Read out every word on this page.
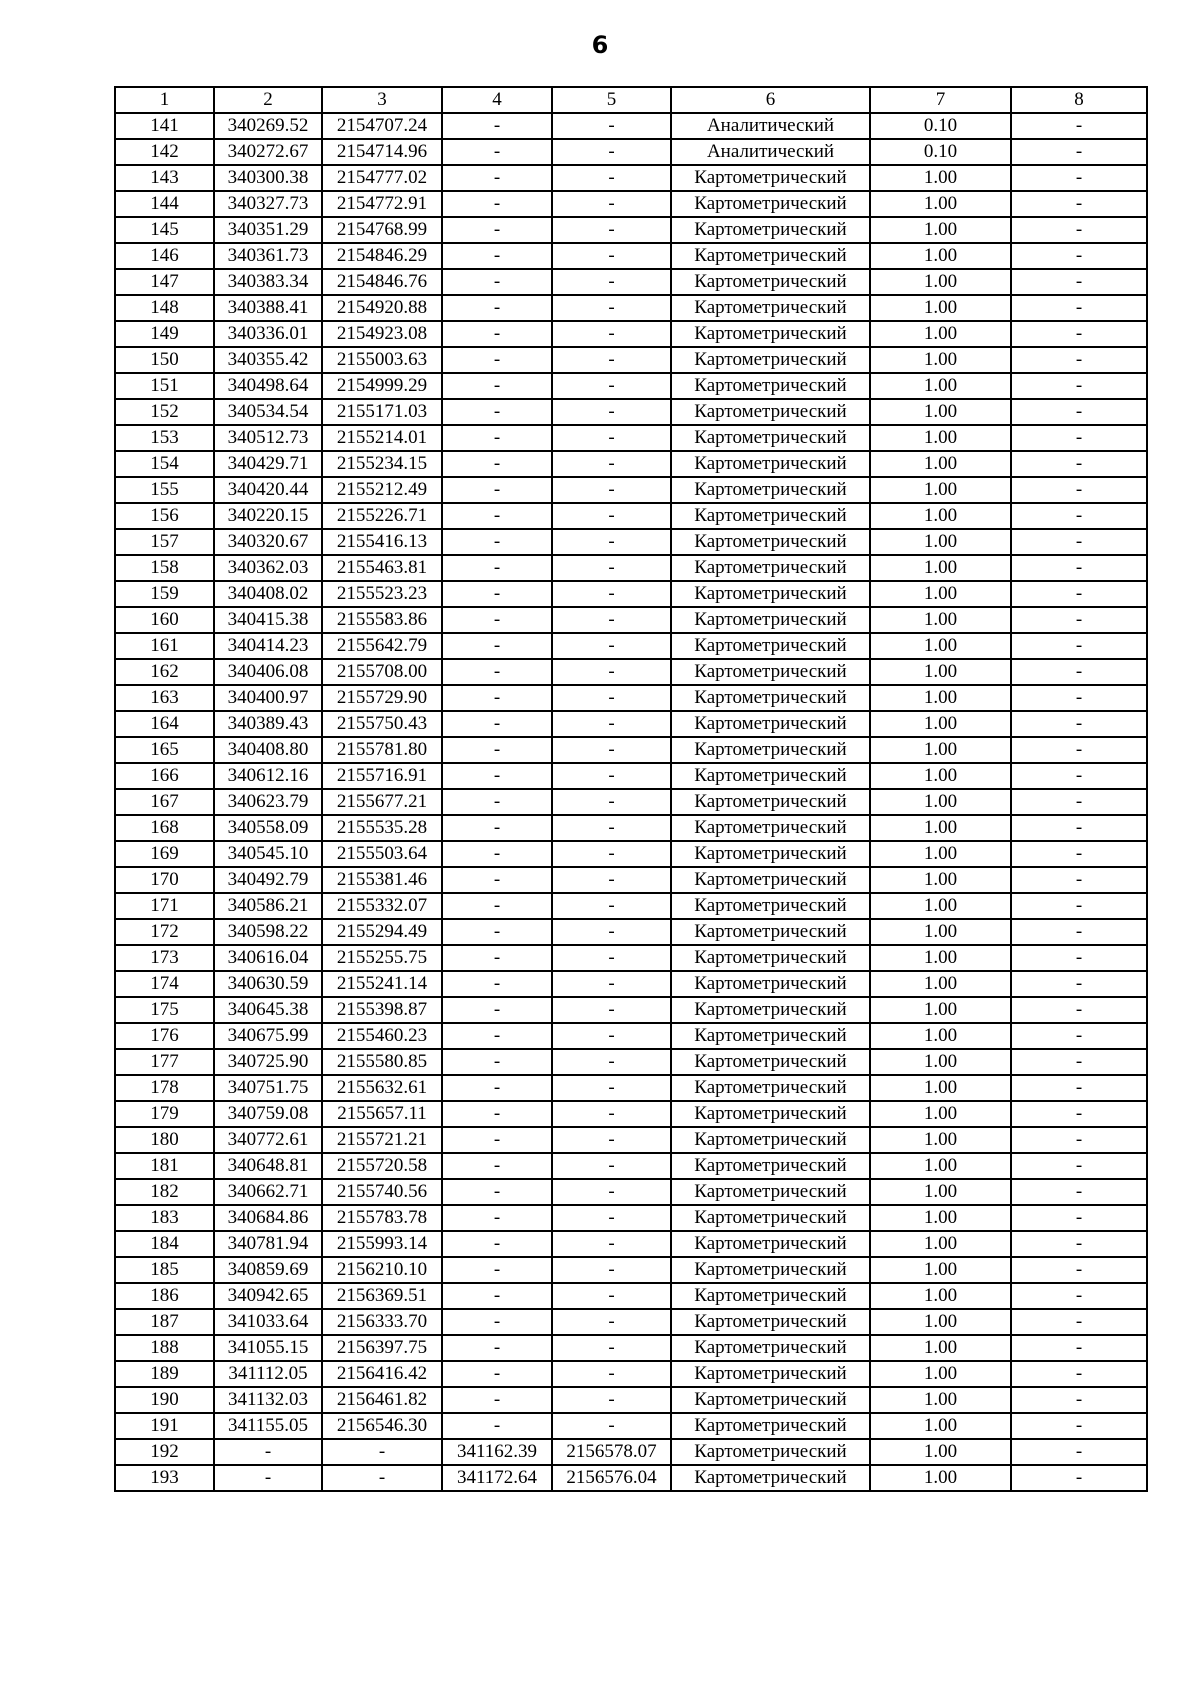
6
1	2	3	4	5	6	7	8
141	340269.52	2154707.24	-	-	Аналитический	0.10	-
142	340272.67	2154714.96	-	-	Аналитический	0.10	-
143	340300.38	2154777.02	-	-	Картометрический	1.00	-
144	340327.73	2154772.91	-	-	Картометрический	1.00	-
145	340351.29	2154768.99	-	-	Картометрический	1.00	-
146	340361.73	2154846.29	-	-	Картометрический	1.00	-
147	340383.34	2154846.76	-	-	Картометрический	1.00	-
148	340388.41	2154920.88	-	-	Картометрический	1.00	-
149	340336.01	2154923.08	-	-	Картометрический	1.00	-
150	340355.42	2155003.63	-	-	Картометрический	1.00	-
151	340498.64	2154999.29	-	-	Картометрический	1.00	-
152	340534.54	2155171.03	-	-	Картометрический	1.00	-
153	340512.73	2155214.01	-	-	Картометрический	1.00	-
154	340429.71	2155234.15	-	-	Картометрический	1.00	-
155	340420.44	2155212.49	-	-	Картометрический	1.00	-
156	340220.15	2155226.71	-	-	Картометрический	1.00	-
157	340320.67	2155416.13	-	-	Картометрический	1.00	-
158	340362.03	2155463.81	-	-	Картометрический	1.00	-
159	340408.02	2155523.23	-	-	Картометрический	1.00	-
160	340415.38	2155583.86	-	-	Картометрический	1.00	-
161	340414.23	2155642.79	-	-	Картометрический	1.00	-
162	340406.08	2155708.00	-	-	Картометрический	1.00	-
163	340400.97	2155729.90	-	-	Картометрический	1.00	-
164	340389.43	2155750.43	-	-	Картометрический	1.00	-
165	340408.80	2155781.80	-	-	Картометрический	1.00	-
166	340612.16	2155716.91	-	-	Картометрический	1.00	-
167	340623.79	2155677.21	-	-	Картометрический	1.00	-
168	340558.09	2155535.28	-	-	Картометрический	1.00	-
169	340545.10	2155503.64	-	-	Картометрический	1.00	-
170	340492.79	2155381.46	-	-	Картометрический	1.00	-
171	340586.21	2155332.07	-	-	Картометрический	1.00	-
172	340598.22	2155294.49	-	-	Картометрический	1.00	-
173	340616.04	2155255.75	-	-	Картометрический	1.00	-
174	340630.59	2155241.14	-	-	Картометрический	1.00	-
175	340645.38	2155398.87	-	-	Картометрический	1.00	-
176	340675.99	2155460.23	-	-	Картометрический	1.00	-
177	340725.90	2155580.85	-	-	Картометрический	1.00	-
178	340751.75	2155632.61	-	-	Картометрический	1.00	-
179	340759.08	2155657.11	-	-	Картометрический	1.00	-
180	340772.61	2155721.21	-	-	Картометрический	1.00	-
181	340648.81	2155720.58	-	-	Картометрический	1.00	-
182	340662.71	2155740.56	-	-	Картометрический	1.00	-
183	340684.86	2155783.78	-	-	Картометрический	1.00	-
184	340781.94	2155993.14	-	-	Картометрический	1.00	-
185	340859.69	2156210.10	-	-	Картометрический	1.00	-
186	340942.65	2156369.51	-	-	Картометрический	1.00	-
187	341033.64	2156333.70	-	-	Картометрический	1.00	-
188	341055.15	2156397.75	-	-	Картометрический	1.00	-
189	341112.05	2156416.42	-	-	Картометрический	1.00	-
190	341132.03	2156461.82	-	-	Картометрический	1.00	-
191	341155.05	2156546.30	-	-	Картометрический	1.00	-
192	-	-	341162.39	2156578.07	Картометрический	1.00	-
193	-	-	341172.64	2156576.04	Картометрический	1.00	-
